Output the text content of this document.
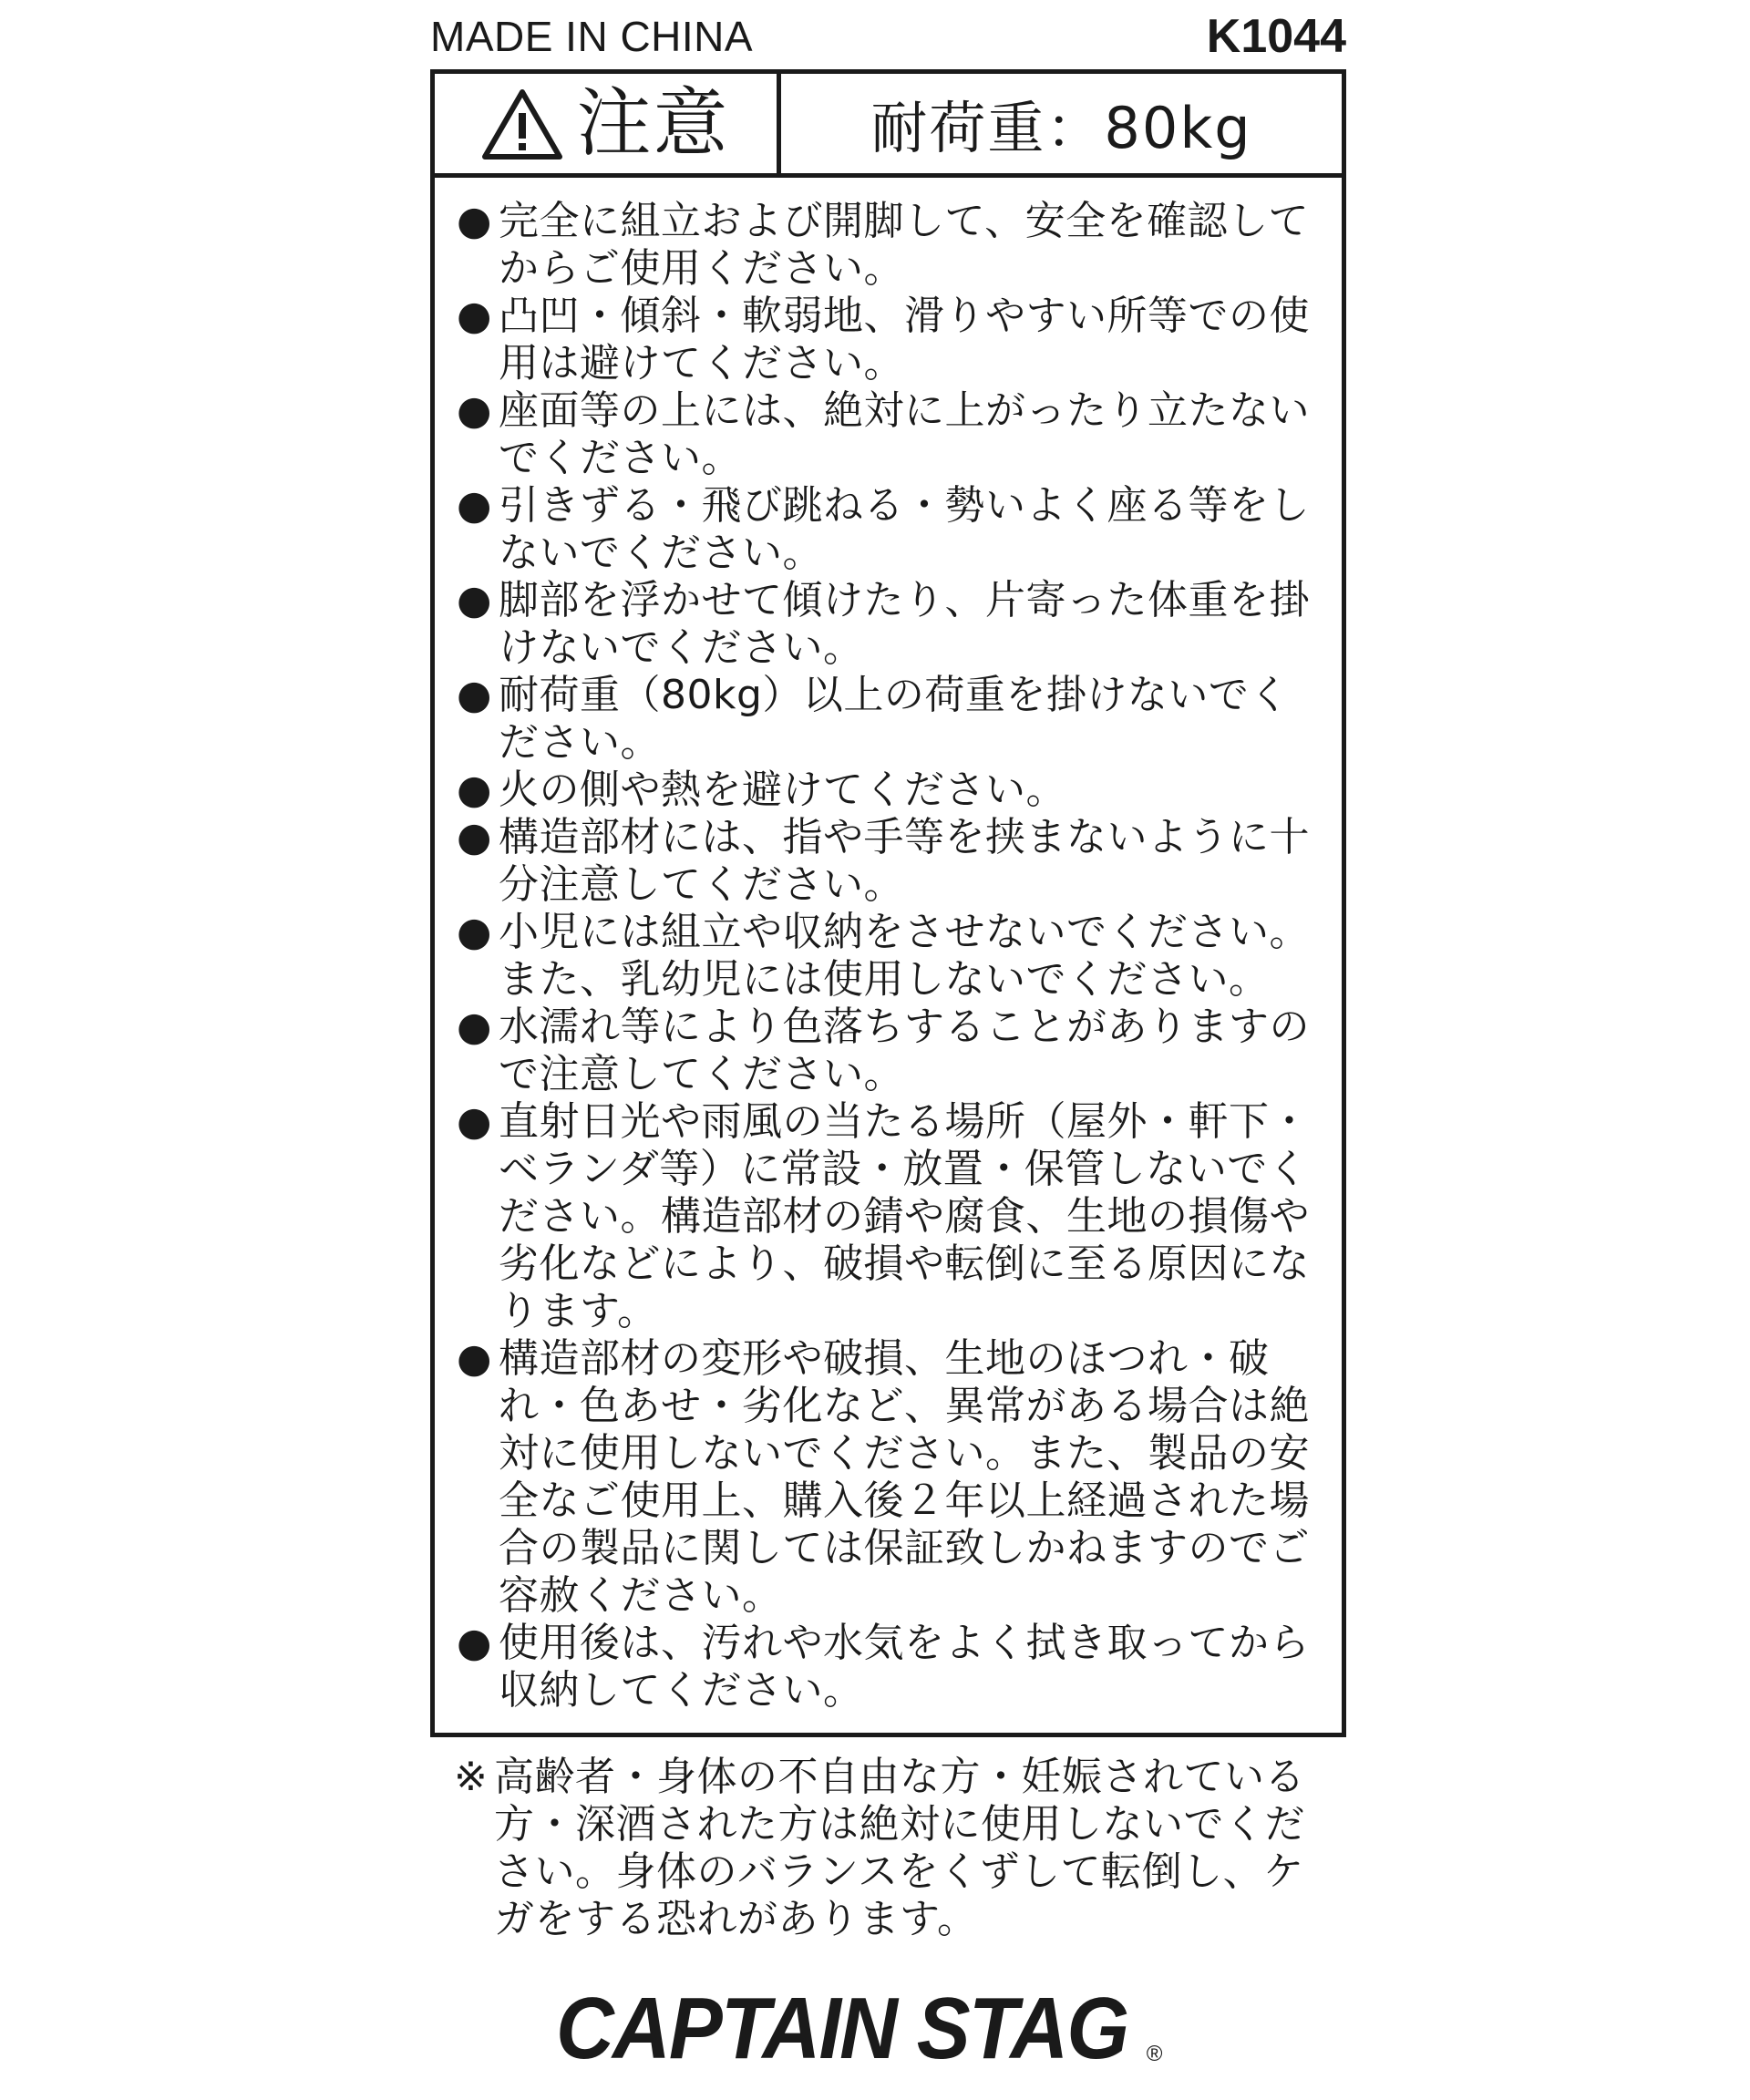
MADE IN CHINA	K1044
注意	耐荷重：80kg
● 完全に組立および開脚して、安全を確認してからご使用ください。
● 凸凹・傾斜・軟弱地、滑りやすい所等での使用は避けてください。
● 座面等の上には、絶対に上がったり立たないでください。
● 引きずる・飛び跳ねる・勢いよく座る等をしないでください。
● 脚部を浮かせて傾けたり、片寄った体重を掛けないでください。
● 耐荷重（80kg）以上の荷重を掛けないでください。
● 火の側や熱を避けてください。
● 構造部材には、指や手等を挟まないように十分注意してください。
● 小児には組立や収納をさせないでください。また、乳幼児には使用しないでください。
● 水濡れ等により色落ちすることがありますので注意してください。
● 直射日光や雨風の当たる場所（屋外・軒下・ベランダ等）に常設・放置・保管しないでください。構造部材の錆や腐食、生地の損傷や劣化などにより、破損や転倒に至る原因になります。
● 構造部材の変形や破損、生地のほつれ・破れ・色あせ・劣化など、異常がある場合は絶対に使用しないでください。また、製品の安全なご使用上、購入後２年以上経過された場合の製品に関しては保証致しかねますのでご容赦ください。
● 使用後は、汚れや水気をよく拭き取ってから収納してください。
※ 高齢者・身体の不自由な方・妊娠されている方・深酒された方は絶対に使用しないでください。身体のバランスをくずして転倒し、ケガをする恐れがあります。
CAPTAIN STAG ®
